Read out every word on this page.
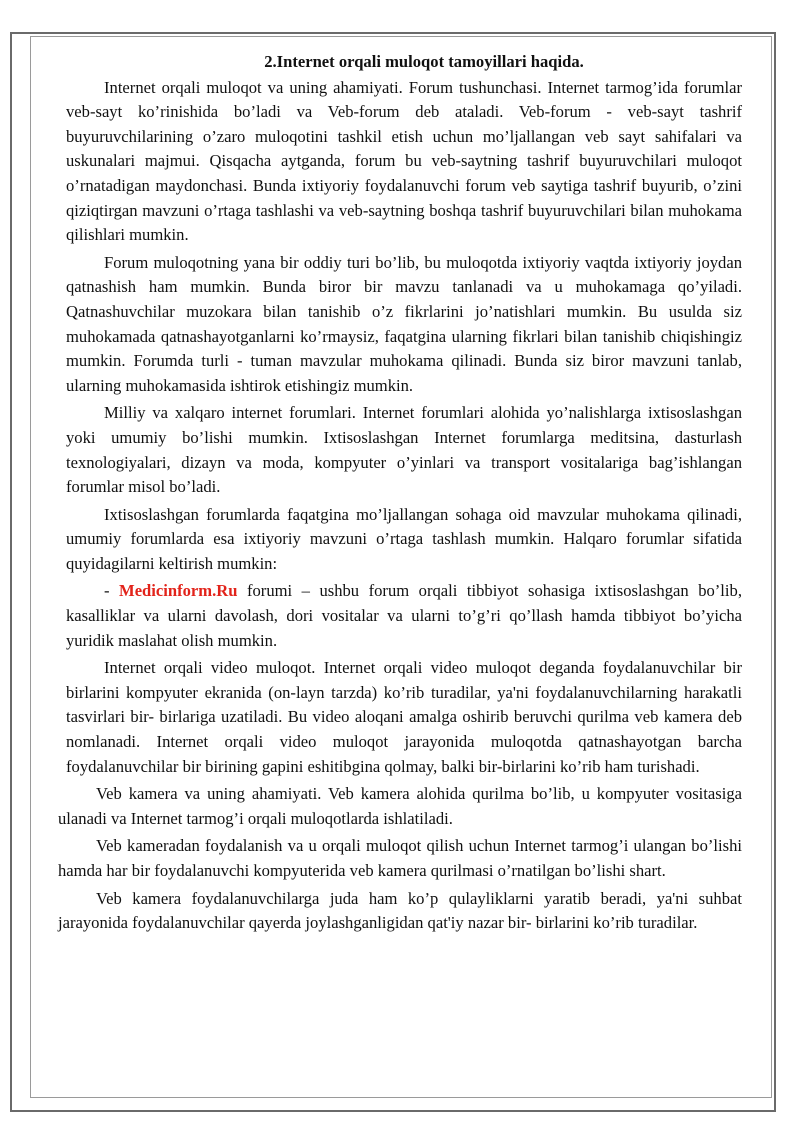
2.Internet orqali muloqot tamoyillari haqida.

Internet orqali muloqot va uning ahamiyati. Forum tushunchasi. Internet tarmog’ida forumlar veb-sayt ko’rinishida bo’ladi va Veb-forum deb ataladi. Veb-forum - veb-sayt tashrif buyuruvchilarining o’zaro muloqotini tashkil etish uchun mo’ljallangan veb sayt sahifalari va uskunalari majmui. Qisqacha aytganda, forum bu veb-saytning tashrif buyuruvchilari muloqot o’rnatadigan maydonchasi. Bunda ixtiyoriy foydalanuvchi forum veb saytiga tashrif buyurib, o’zini qiziqtirgan mavzuni o’rtaga tashlashi va veb-saytning boshqa tashrif buyuruvchilari bilan muhokama qilishlari mumkin.

Forum muloqotning yana bir oddiy turi bo’lib, bu muloqotda ixtiyoriy vaqtda ixtiyoriy joydan qatnashish ham mumkin. Bunda biror bir mavzu tanlanadi va u muhokamaga qo’yiladi. Qatnashuvchilar muzokara bilan tanishib o’z fikrlarini jo’natishlari mumkin. Bu usulda siz muhokamada qatnashayotganlarni ko’rmaysiz, faqatgina ularning fikrlari bilan tanishib chiqishingiz mumkin. Forumda turli - tuman mavzular muhokama qilinadi. Bunda siz biror mavzuni tanlab, ularning muhokamasida ishtirok etishingiz mumkin.

Milliy va xalqaro internet forumlari. Internet forumlari alohida yo’nalishlarga ixtisoslashgan yoki umumiy bo’lishi mumkin. Ixtisoslashgan Internet forumlarga meditsina, dasturlash texnologiyalari, dizayn va moda, kompyuter o’yinlari va transport vositalariga bag’ishlangan forumlar misol bo’ladi.

Ixtisoslashgan forumlarda faqatgina mo’ljallangan sohaga oid mavzular muhokama qilinadi, umumiy forumlarda esa ixtiyoriy mavzuni o’rtaga tashlash mumkin. Halqaro forumlar sifatida quyidagilarni keltirish mumkin:

- Medicinform.Ru forumi – ushbu forum orqali tibbiyot sohasiga ixtisoslashgan bo’lib, kasalliklar va ularni davolash, dori vositalar va ularni to’g’ri qo’llash hamda tibbiyot bo’yicha yuridik maslahat olish mumkin.

Internet orqali video muloqot. Internet orqali video muloqot deganda foydalanuvchilar bir birlarini kompyuter ekranida (on-layn tarzda) ko’rib turadilar, ya'ni foydalanuvchilarning harakatli tasvirlari bir- birlariga uzatiladi. Bu video aloqani amalga oshirib beruvchi qurilma veb kamera deb nomlanadi. Internet orqali video muloqot jarayonida muloqotda qatnashayotgan barcha foydalanuvchilar bir birining gapini eshitibgina qolmay, balki bir-birlarini ko’rib ham turishadi.

Veb kamera va uning ahamiyati. Veb kamera alohida qurilma bo’lib, u kompyuter vositasiga ulanadi va Internet tarmog’i orqali muloqotlarda ishlatiladi.

Veb kameradan foydalanish va u orqali muloqot qilish uchun Internet tarmog’i ulangan bo’lishi hamda har bir foydalanuvchi kompyuterida veb kamera qurilmasi o’rnatilgan bo’lishi shart.

Veb kamera foydalanuvchilarga juda ham ko’p qulayliklarni yaratib beradi, ya'ni suhbat jarayonida foydalanuvchilar qayerda joylashganligidan qat'iy nazar bir- birlarini ko’rib turadilar.
